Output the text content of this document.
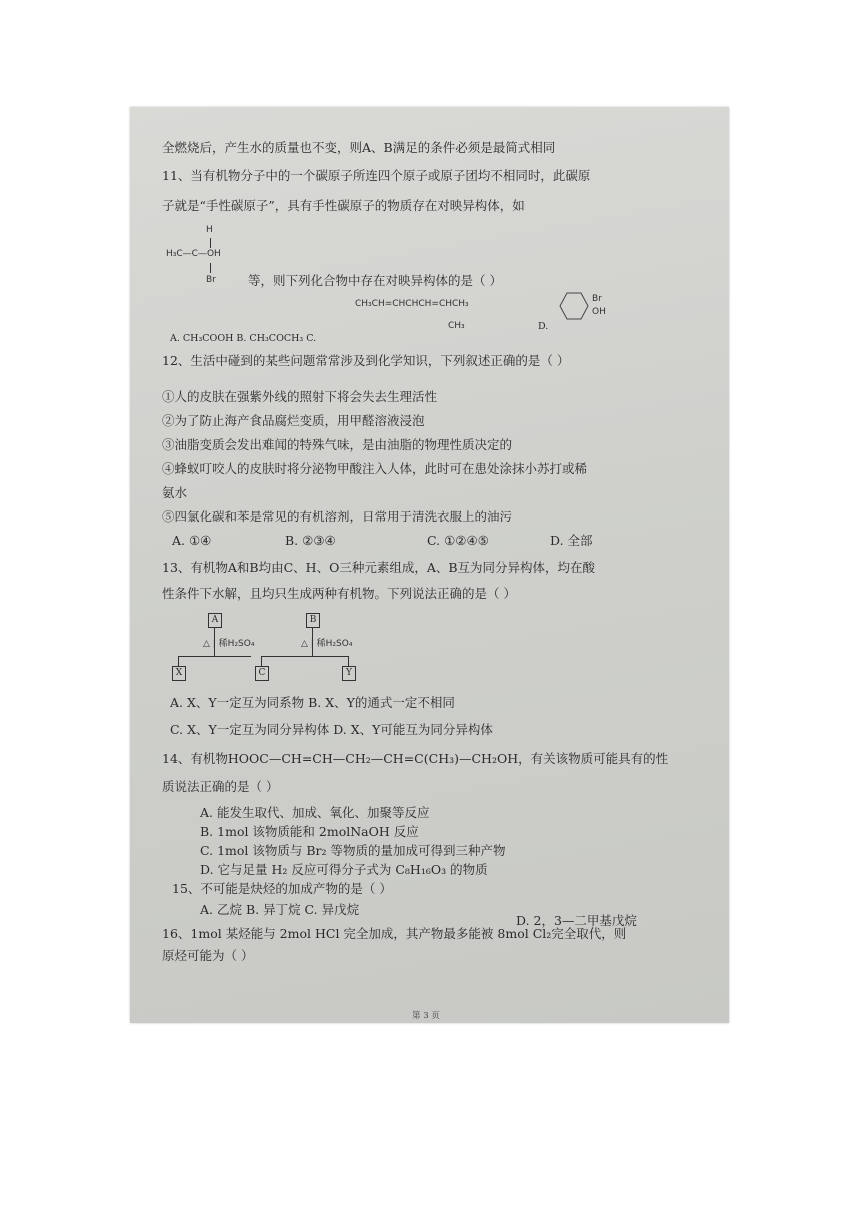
全燃烧后，产生水的质量也不变，则A、B满足的条件必须是最简式相同
11、当有机物分子中的一个碳原子所连四个原子或原子团均不相同时，此碳原
子就是“手性碳原子”，具有手性碳原子的物质存在对映异构体，如
H
H₃C—C—OH
Br	等，则下列化合物中存在对映异构体的是（ ）
CH₃CH=CHCHCH=CHCH₃
CH₃
Br
OH
A. CH₃COOH B. CH₃COCH₃ C.
D.
12、生活中碰到的某些问题常常涉及到化学知识，下列叙述正确的是（ ）
①人的皮肤在强紫外线的照射下将会失去生理活性
②为了防止海产食品腐烂变质，用甲醛溶液浸泡
③油脂变质会发出难闻的特殊气味，是由油脂的物理性质决定的
④蜂蚁叮咬人的皮肤时将分泌物甲酸注入人体，此时可在患处涂抹小苏打或稀
氨水
⑤四氯化碳和苯是常见的有机溶剂，日常用于清洗衣服上的油污
A. ①④	B. ②③④	C. ①②④⑤	D. 全部
13、有机物A和B均由C、H、O三种元素组成，A、B互为同分异构体，均在酸
性条件下水解，且均只生成两种有机物。下列说法正确的是（ ）
A	B
△ | 稀H₂SO₄	△ | 稀H₂SO₄
X	C	Y
A. X、Y一定互为同系物 B. X、Y的通式一定不相同
C. X、Y一定互为同分异构体 D. X、Y可能互为同分异构体
14、有机物HOOC—CH=CH—CH₂—CH=C(CH₃)—CH₂OH，有关该物质可能具有的性
质说法正确的是（ ）
A. 能发生取代、加成、氧化、加聚等反应
B. 1mol 该物质能和 2molNaOH 反应
C. 1mol 该物质与 Br₂ 等物质的量加成可得到三种产物
D. 它与足量 H₂ 反应可得分子式为 C₈H₁₆O₃ 的物质
15、不可能是炔烃的加成产物的是（ ）
A. 乙烷 B. 异丁烷 C. 异戊烷
D. 2，3—二甲基戊烷
16、1mol 某烃能与 2mol HCl 完全加成，其产物最多能被 8mol Cl₂完全取代，则
原烃可能为（ ）
第 3 页
